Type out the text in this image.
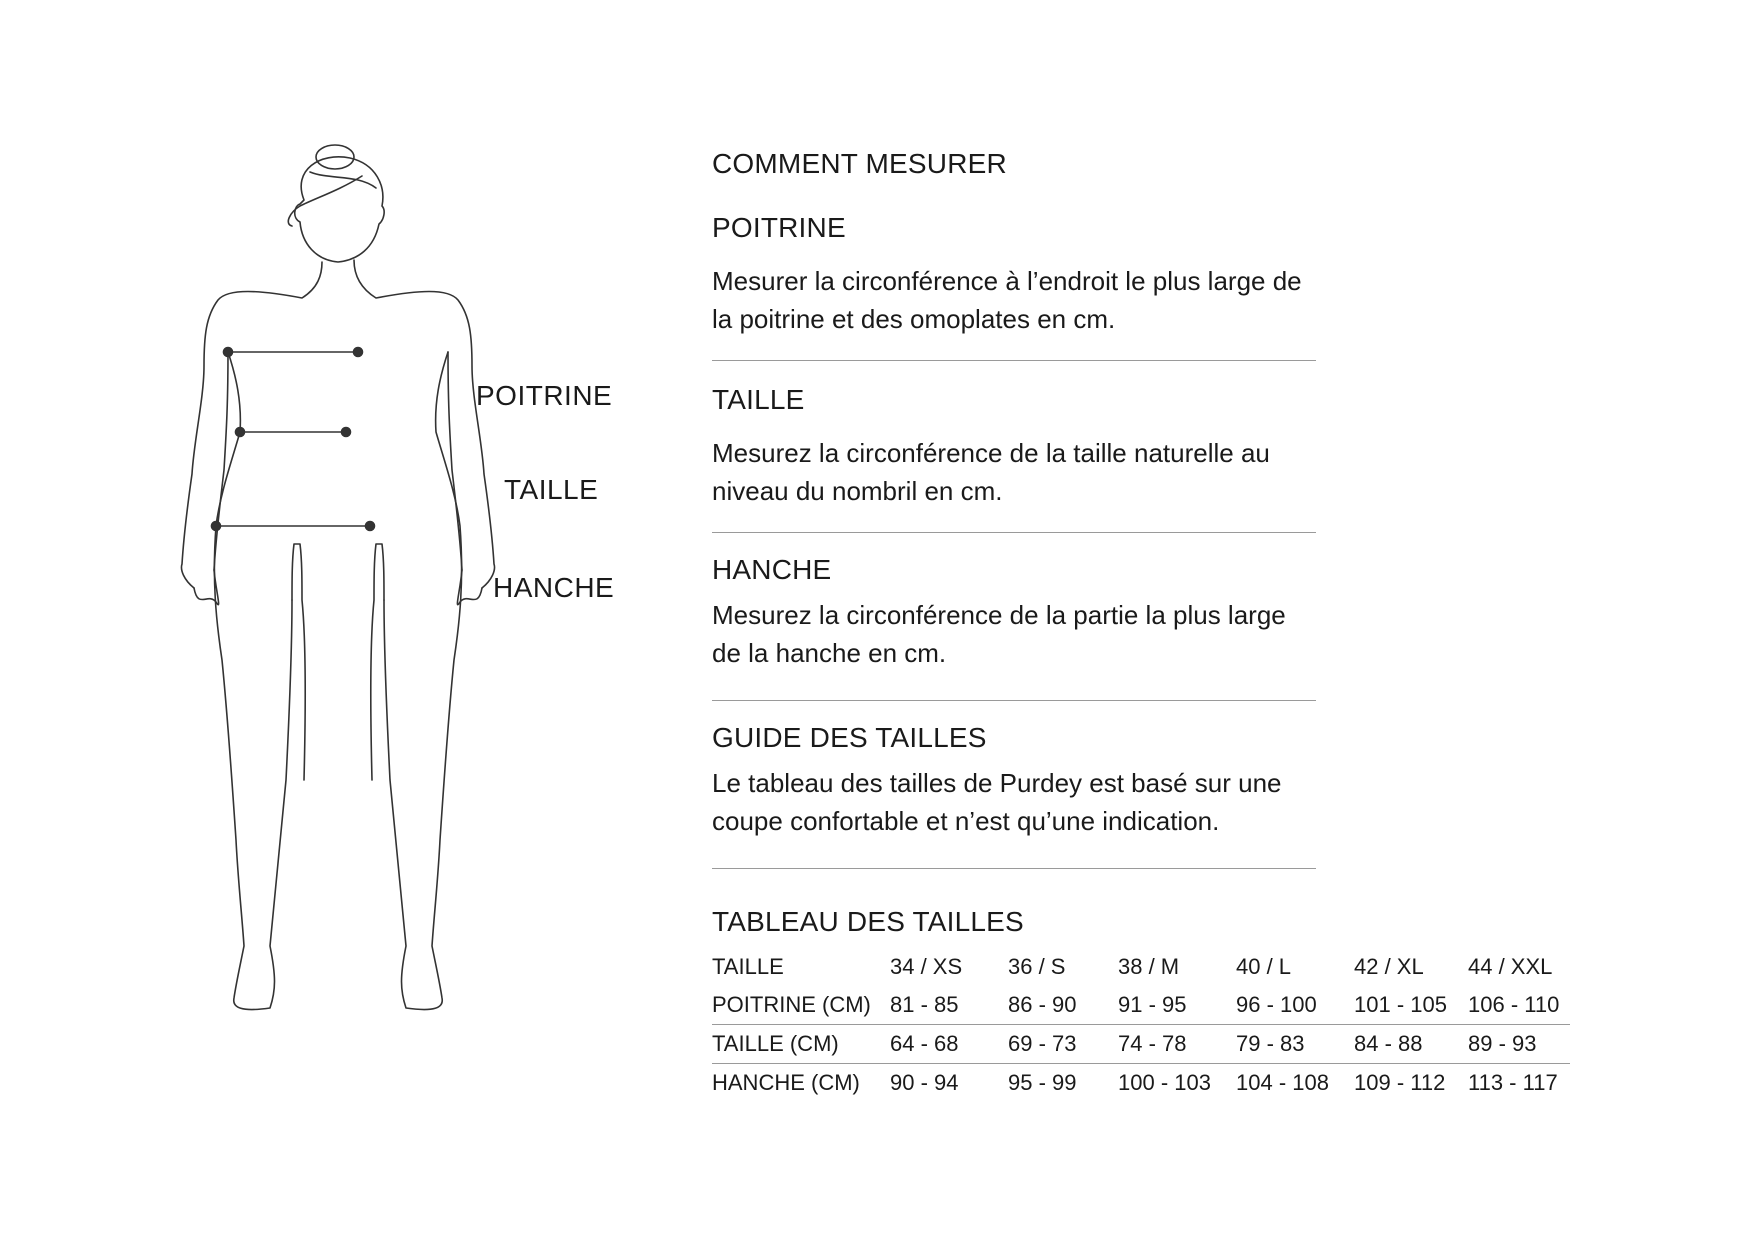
POITRINE
TAILLE
HANCHE
COMMENT MESURER
POITRINE

Mesurer la circonférence à l’endroit le plus large de la poitrine et des omoplates en cm.

TAILLE

Mesurez la circonférence de la taille naturelle au niveau du nombril en cm.

HANCHE

Mesurez la circonférence de la partie la plus large de la hanche en cm.

GUIDE DES TAILLES

Le tableau des tailles de Purdey est basé sur une coupe confortable et n’est qu’une indication.

TABLEAU DES TAILLES
TAILLE	34 / XS	36 / S	38 / M	40 / L	42 / XL	44 / XXL
POITRINE (CM)	81 - 85	86 - 90	91 - 95	96 - 100	101 - 105	106 - 110
TAILLE (CM)	64 - 68	69 - 73	74 - 78	79 - 83	84 - 88	89 - 93
HANCHE (CM)	90 - 94	95 - 99	100 - 103	104 - 108	109 - 112	113 - 117
